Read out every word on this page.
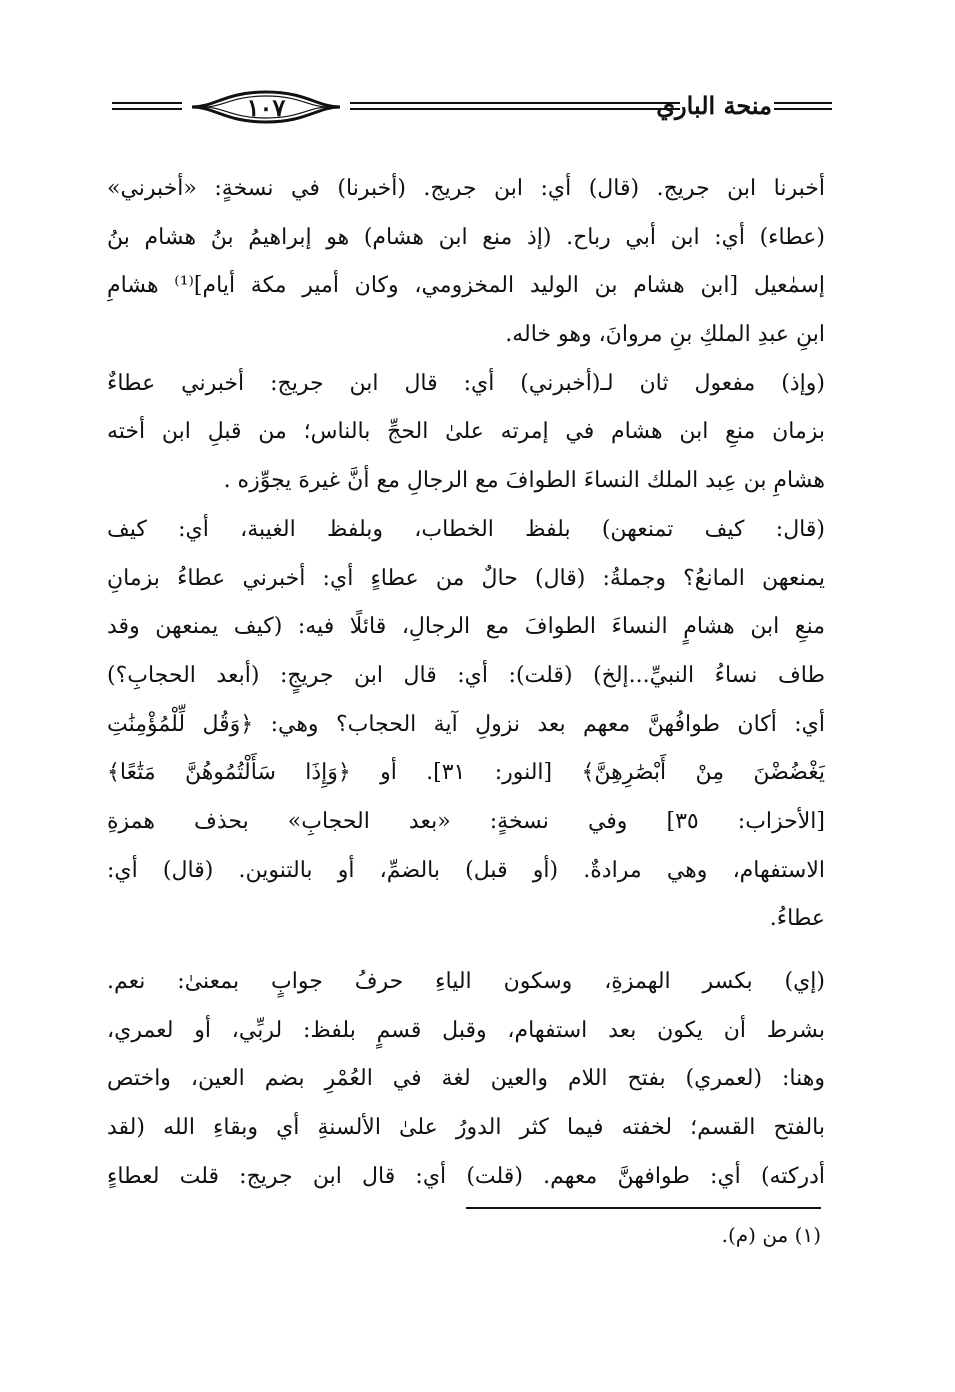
١٠٧	منحة الباري
أخبرنا ابن جريج. (قال) أي: ابن جريج. (أخبرنا) في نسخةٍ: «أخبرني»
(عطاء) أي: ابن أبي رباح. (إذ منع ابن هشام) هو إبراهيمُ بنُ هشام بنُ
إسمٰعيل [ابن هشام بن الوليد المخزومي، وكان أمير مكة أيام]⁽¹⁾ هشامِ
ابنِ عبدِ الملكِ بنِ مروانَ، وهو خاله.
(وإذ) مفعول ثان لـ(أخبرني) أي: قال ابن جريج: أخبرني عطاءٌ
بزمان منعِ ابن هشام في إمرته علىٰ الحجِّ بالناس؛ من قبلِ ابن أخته
هشامِ بن عِبد الملك النساءَ الطوافَ مع الرجالِ مع أنَّ غيرهَ يجوِّزه .
(قال: كيف تمنعهن) بلفظ الخطاب، وبلفظ الغيبة، أي: كيف
يمنعهن المانعُ؟ وجملةُ: (قال) حالٌ من عطاءٍ أي: أخبرني عطاءُ بزمانِ
منعِ ابن هشامٍ النساءَ الطوافَ مع الرجالِ، قائلًا فيه: (كيف يمنعهن وقد
طاف نساءُ النبيِّ...إلخ) (قلت): أي: قال ابن جريجٍ: (أبعد الحجابِ؟)
أي: أكان طوافُهنَّ معهم بعد نزولِ آية الحجاب؟ وهي: ﴿وَقُل لِّلْمُؤْمِنَٰتِ
يَغْضُضْنَ مِنْ أَبْصَٰرِهِنَّ﴾ [النور: ٣١]. أو ﴿وَإِذَا سَأَلْتُمُوهُنَّ مَتَٰعًا﴾
[الأحزاب: ٣٥] وفي نسخةٍ: «بعد الحجابِ» بحذف همزةِ
الاستفهام، وهي مرادةٌ. (أو قبل) بالضمِّ، أو بالتنوين. (قال) أي:
عطاءُ.
(إي) بكسر الهمزةِ، وسكون الياءِ حرفُ جوابٍ بمعنىٰ: نعم.
بشرط أن يكون بعد استفهام، وقبل قسمٍ بلفظ: لربِّي، أو لعمري،
وهنا: (لعمري) بفتح اللام والعين لغة في العُمْرِ بضم العين، واختص
بالفتح القسم؛ لخفته فيما كثر الدورُ علىٰ الألسنةِ أي وبقاءِ الله (لقد
أدركته) أي: طوافهنَّ معهم. (قلت) أي: قال ابن جريج: قلت لعطاءٍ
(١) من (م).
